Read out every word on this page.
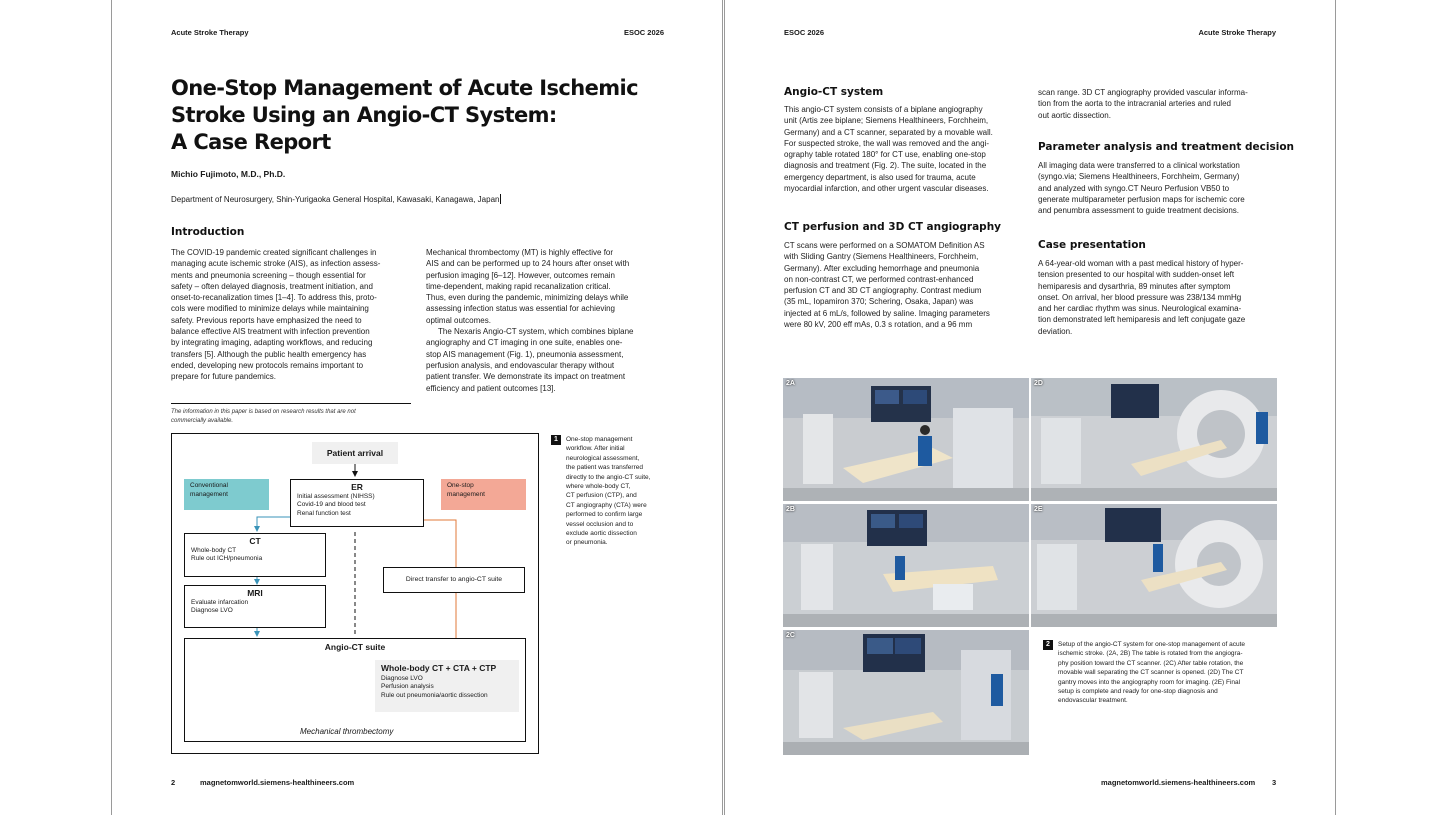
Acute Stroke Therapy	ESOC 2026
One-Stop Management of Acute Ischemic
Stroke Using an Angio-CT System:
A Case Report
Michio Fujimoto, M.D., Ph.D.
Department of Neurosurgery, Shin-Yurigaoka General Hospital, Kawasaki, Kanagawa, Japan
Introduction

The COVID-19 pandemic created significant challenges in

managing acute ischemic stroke (AIS), as infection assess-

ments and pneumonia screening – though essential for

safety – often delayed diagnosis, treatment initiation, and

onset-to-recanalization times [1–4]. To address this, proto-

cols were modified to minimize delays while maintaining

safety. Previous reports have emphasized the need to

balance effective AIS treatment with infection prevention

by integrating imaging, adapting workflows, and reducing

transfers [5]. Although the public health emergency has

ended, developing new protocols remains important to

prepare for future pandemics.

Mechanical thrombectomy (MT) is highly effective for

AIS and can be performed up to 24 hours after onset with

perfusion imaging [6–12]. However, outcomes remain

time-dependent, making rapid recanalization critical.

Thus, even during the pandemic, minimizing delays while

assessing infection status was essential for achieving

optimal outcomes.

The Nexaris Angio-CT system, which combines biplane

angiography and CT imaging in one suite, enables one-

stop AIS management (Fig. 1), pneumonia assessment,

perfusion analysis, and endovascular therapy without

patient transfer. We demonstrate its impact on treatment

efficiency and patient outcomes [13].

The information in this paper is based on research results that are not
commercially available.
Patient arrival
Conventional
management
One-stop
management
ER
Initial assessment (NIHSS)
Covid-19 and blood test
Renal function test
CT
Whole-body CT
Rule out ICH/pneumonia
Direct transfer to angio-CT suite
MRI
Evaluate infarcation
Diagnose LVO
Angio-CT suite
Whole-body CT + CTA + CTP
Diagnose LVO
Perfusion analysis
Rule out pneumonia/aortic dissection
Mechanical thrombectomy
1	One-stop management
workflow. After initial
neurological assessment,
the patient was transferred
directly to the angio-CT suite,
where whole-body CT,
CT perfusion (CTP), and
CT angiography (CTA) were
performed to confirm large
vessel occlusion and to
exclude aortic dissection
or pneumonia.
2	magnetomworld.siemens-healthineers.com
ESOC 2026	Acute Stroke Therapy
Angio-CT system

This angio-CT system consists of a biplane angiography

unit (Artis zee biplane; Siemens Healthineers, Forchheim,

Germany) and a CT scanner, separated by a movable wall.

For suspected stroke, the wall was removed and the angi-

ography table rotated 180° for CT use, enabling one-stop

diagnosis and treatment (Fig. 2). The suite, located in the

emergency department, is also used for trauma, acute

myocardial infarction, and other urgent vascular diseases.

CT perfusion and 3D CT angiography

CT scans were performed on a SOMATOM Definition AS

with Sliding Gantry (Siemens Healthineers, Forchheim,

Germany). After excluding hemorrhage and pneumonia

on non-contrast CT, we performed contrast-enhanced

perfusion CT and 3D CT angiography. Contrast medium

(35 mL, Iopamiron 370; Schering, Osaka, Japan) was

injected at 6 mL/s, followed by saline. Imaging parameters

were 80 kV, 200 eff mAs, 0.3 s rotation, and a 96 mm

scan range. 3D CT angiography provided vascular informa-

tion from the aorta to the intracranial arteries and ruled

out aortic dissection.

Parameter analysis and treatment decision

All imaging data were transferred to a clinical workstation

(syngo.via; Siemens Healthineers, Forchheim, Germany)

and analyzed with syngo.CT Neuro Perfusion VB50 to

generate multiparameter perfusion maps for ischemic core

and penumbra assessment to guide treatment decisions.

Case presentation

A 64-year-old woman with a past medical history of hyper-

tension presented to our hospital with sudden-onset left

hemiparesis and dysarthria, 89 minutes after symptom

onset. On arrival, her blood pressure was 238/134 mmHg

and her cardiac rhythm was sinus. Neurological examina-

tion demonstrated left hemiparesis and left conjugate gaze

deviation.

2A
2B
2C
2D
2E
2	Setup of the angio-CT system for one-stop management of acute
ischemic stroke. (2A, 2B) The table is rotated from the angiogra-
phy position toward the CT scanner. (2C) After table rotation, the
movable wall separating the CT scanner is opened. (2D) The CT
gantry moves into the angiography room for imaging. (2E) Final
setup is complete and ready for one-stop diagnosis and
endovascular treatment.
magnetomworld.siemens-healthineers.com 3
